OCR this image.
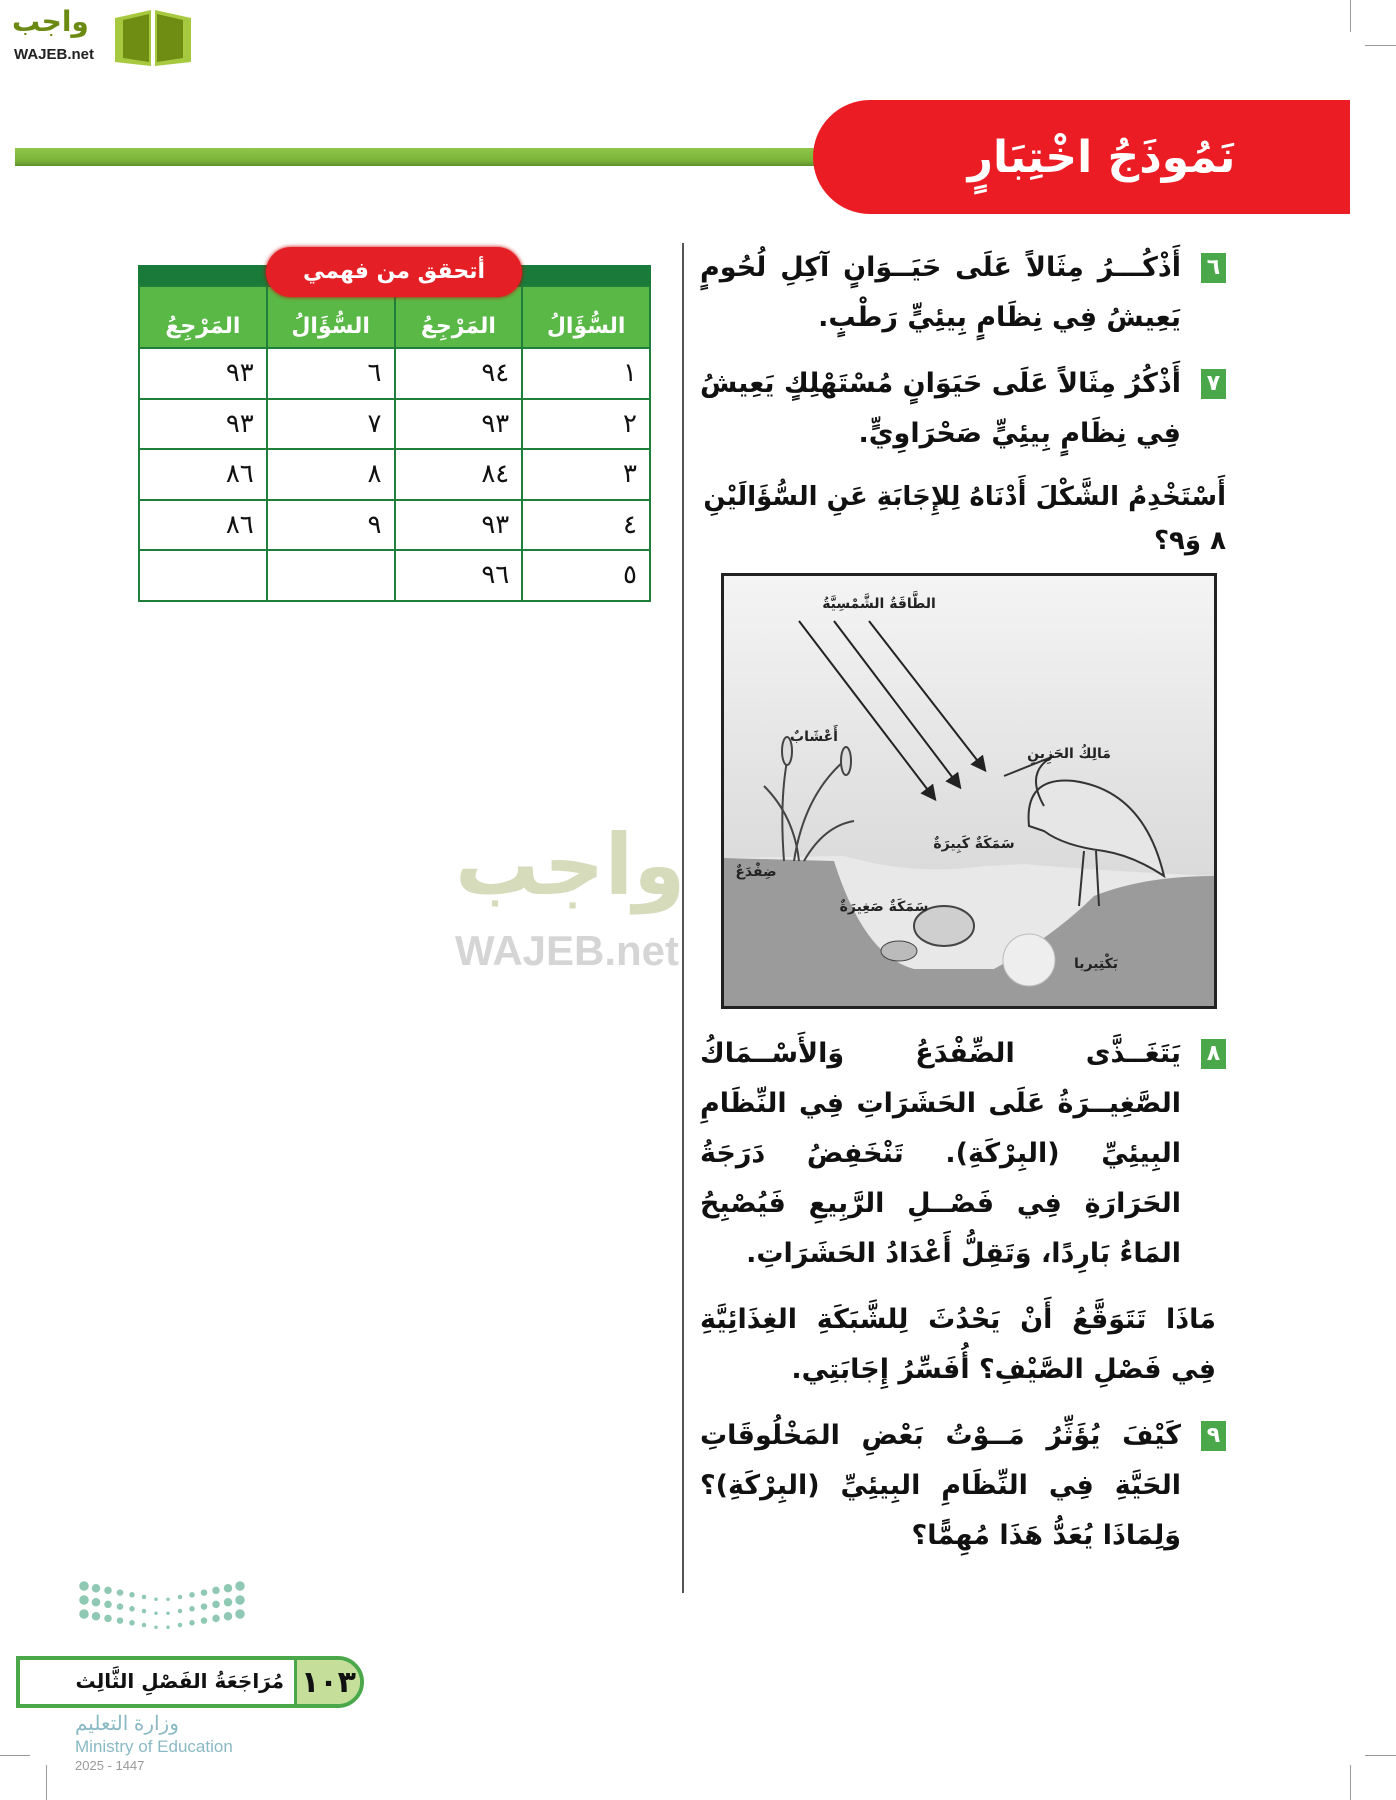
واجب
WAJEB.net
نَمُوذَجُ اخْتِبَارٍ
أتحقق من فهمي
السُّؤَالُ	المَرْجِعُ	السُّؤَالُ	المَرْجِعُ
١	٩٤	٦	٩٣
٢	٩٣	٧	٩٣
٣	٨٤	٨	٨٦
٤	٩٣	٩	٨٦
٥	٩٦		
٦
أَذْكُـــرُ مِثَالاً عَلَى حَيَــوَانٍ آكِلِ لُحُومٍ يَعِيشُ فِي نِظَامٍ بِيئِيٍّ رَطْبٍ.
٧
أَذْكُرُ مِثَالاً عَلَى حَيَوَانٍ مُسْتَهْلِكٍ يَعِيشُ فِي نِظَامٍ بِيئِيٍّ صَحْرَاوِيٍّ.
أَسْتَخْدِمُ الشَّكْلَ أَدْنَاهُ لِلإِجَابَةِ عَنِ السُّؤَالَيْنِ ٨ وَ٩؟
الطَّاقَةُ الشَّمْسِيَّةُ
أَعْشَابٌ
مَالِكُ الحَزِينِ
ضِفْدَعٌ
سَمَكَةٌ كَبِيرَةٌ
سَمَكَةٌ صَغِيرَةٌ
بَكْتِيريا
٨
يَتَغَــذَّى الضِّفْدَعُ وَالأَسْــمَاكُ الصَّغِيــرَةُ عَلَى الحَشَرَاتِ فِي النِّظَامِ البِيئِيِّ (البِرْكَةِ). تَنْخَفِضُ دَرَجَةُ الحَرَارَةِ فِي فَصْــلِ الرَّبِيعِ فَيُصْبِحُ المَاءُ بَارِدًا، وَتَقِلُّ أَعْدَادُ الحَشَرَاتِ.
مَاذَا تَتَوَقَّعُ أَنْ يَحْدُثَ لِلشَّبَكَةِ الغِذَائِيَّةِ فِي فَصْلِ الصَّيْفِ؟ أُفَسِّرُ إِجَابَتِي.
٩
كَيْفَ يُؤَثِّرُ مَــوْتُ بَعْضِ المَخْلُوقَاتِ الحَيَّةِ فِي النِّظَامِ البِيئِيِّ (البِرْكَةِ)؟ وَلِمَاذَا يُعَدُّ هَذَا مُهِمًّا؟
واجب
WAJEB.net
١٠٣
مُرَاجَعَةُ الفَصْلِ الثَّالِث
وزارة التعليم
Ministry of Education
2025 - 1447
